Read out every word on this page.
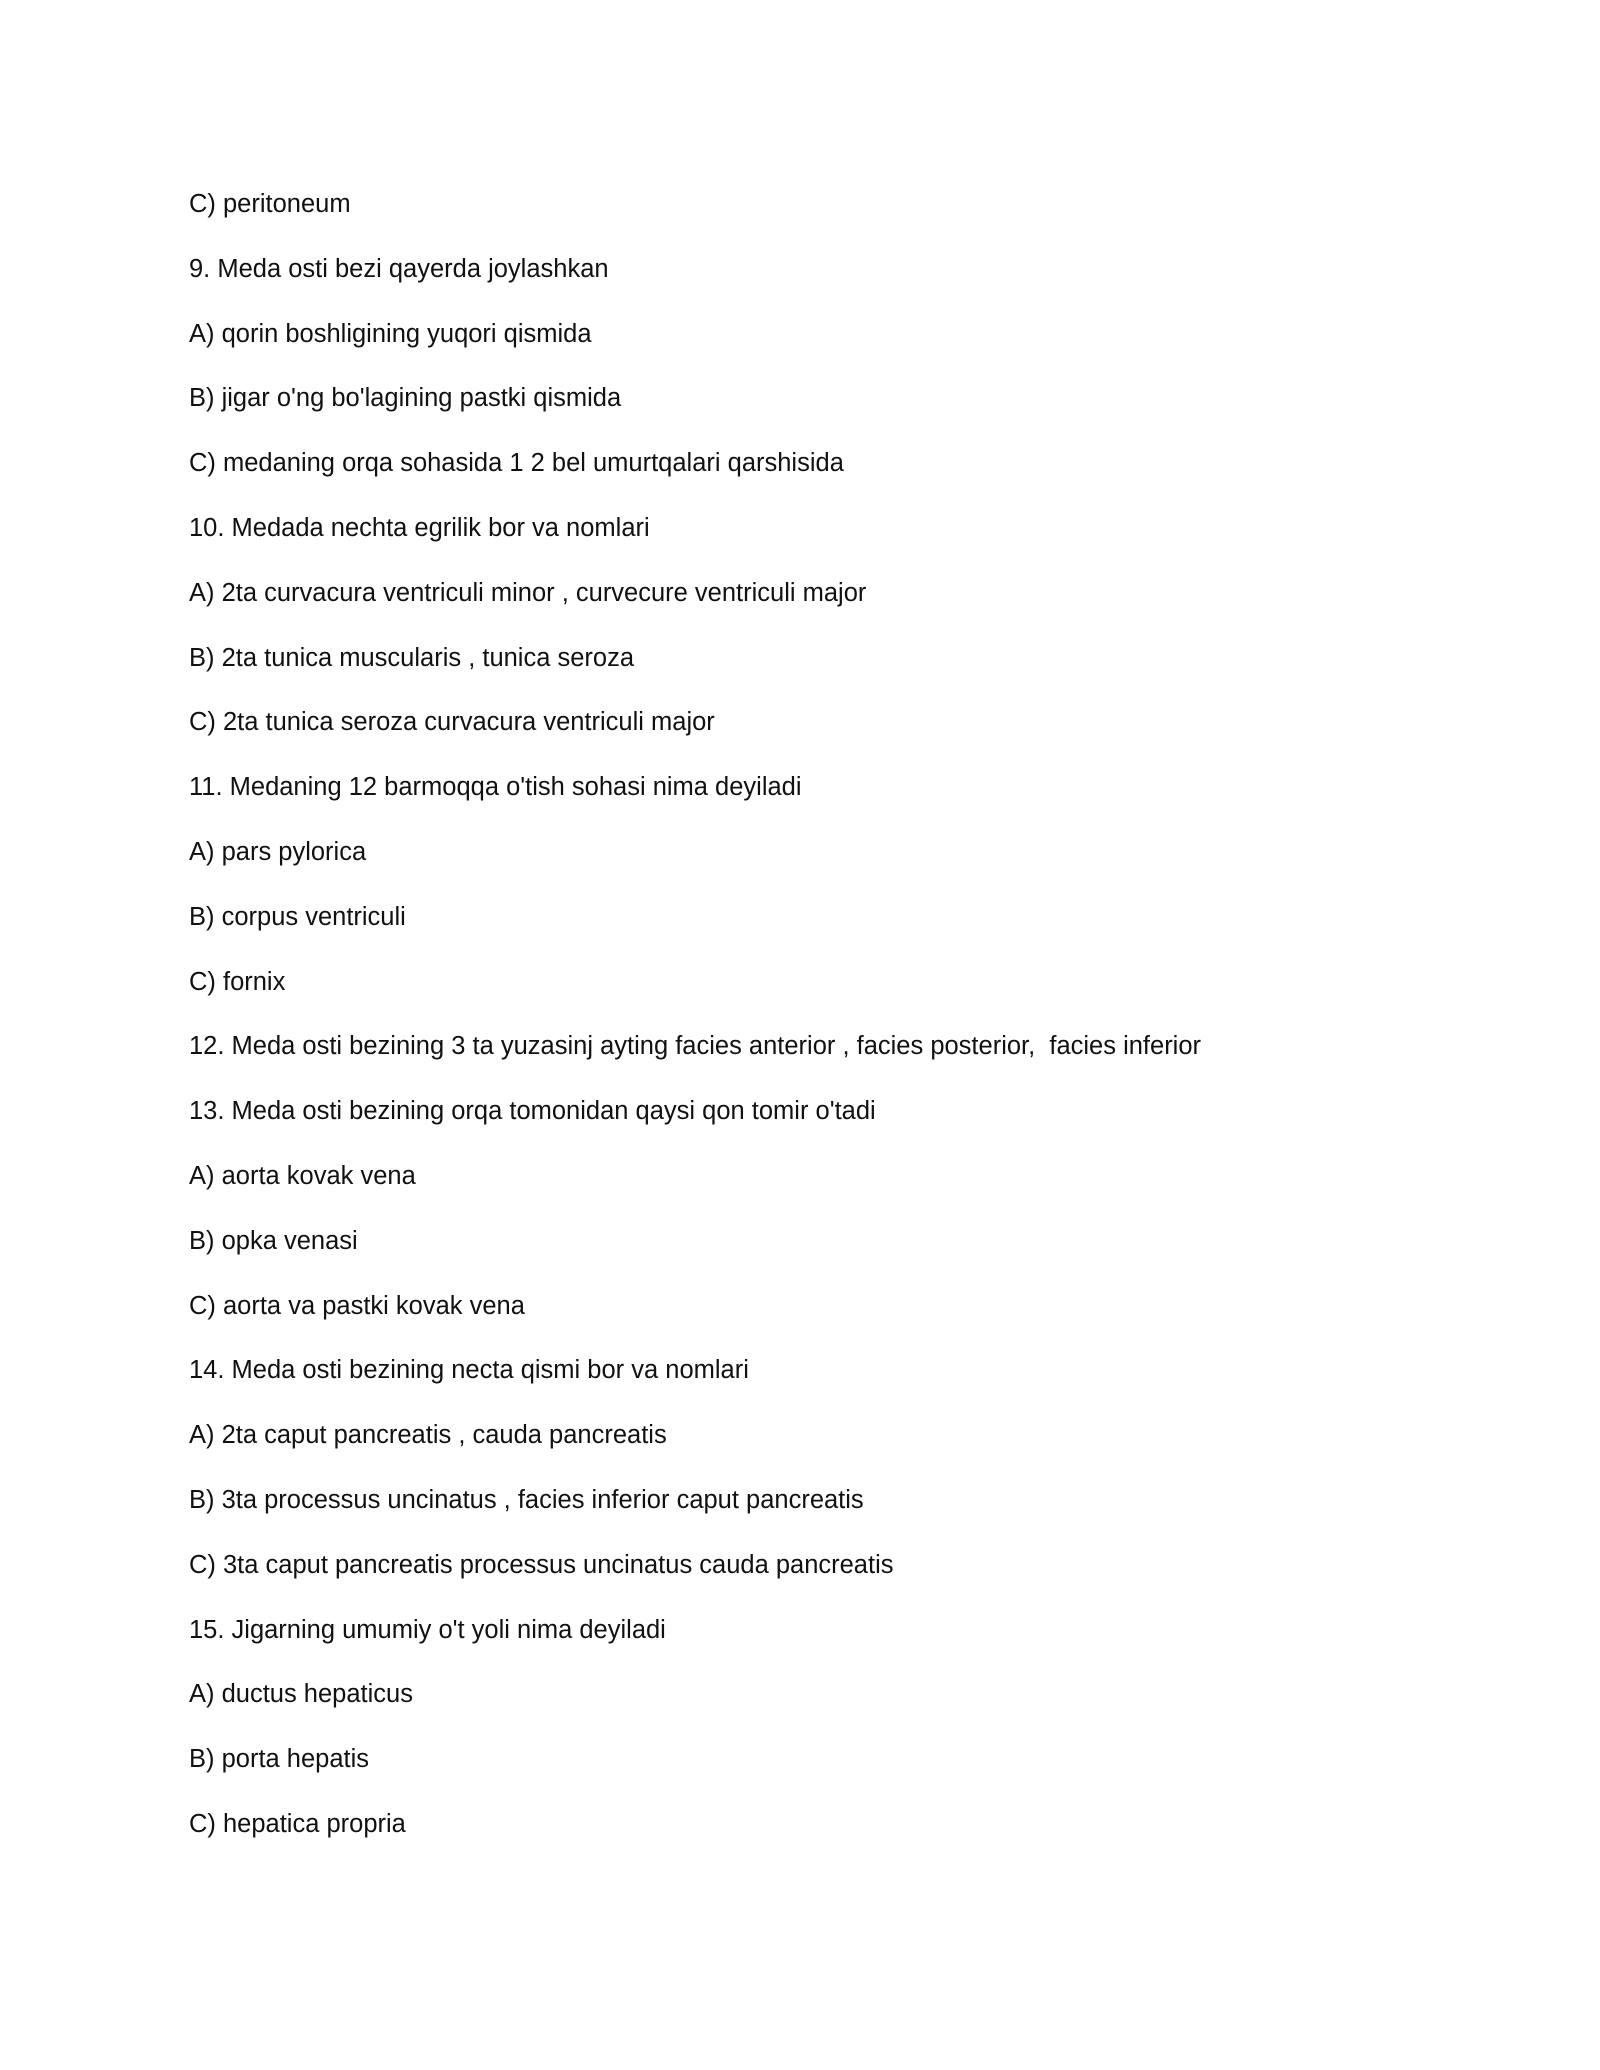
C) peritoneum
9. Meda osti bezi qayerda joylashkan
A) qorin boshligining yuqori qismida
B) jigar o'ng bo'lagining pastki qismida
C) medaning orqa sohasida 1 2 bel umurtqalari qarshisida
10. Medada nechta egrilik bor va nomlari
A) 2ta curvacura ventriculi minor , curvecure ventriculi major
B) 2ta tunica muscularis , tunica seroza
C) 2ta tunica seroza curvacura ventriculi major
11. Medaning 12 barmoqqa o'tish sohasi nima deyiladi
A) pars pylorica
B) corpus ventriculi
C) fornix
12. Meda osti bezining 3 ta yuzasinj ayting facies anterior , facies posterior,  facies inferior
13. Meda osti bezining orqa tomonidan qaysi qon tomir o'tadi
A) aorta kovak vena
B) opka venasi
C) aorta va pastki kovak vena
14. Meda osti bezining necta qismi bor va nomlari
A) 2ta caput pancreatis , cauda pancreatis
B) 3ta processus uncinatus , facies inferior caput pancreatis
C) 3ta caput pancreatis processus uncinatus cauda pancreatis
15. Jigarning umumiy o't yoli nima deyiladi
A) ductus hepaticus
B) porta hepatis
C) hepatica propria
